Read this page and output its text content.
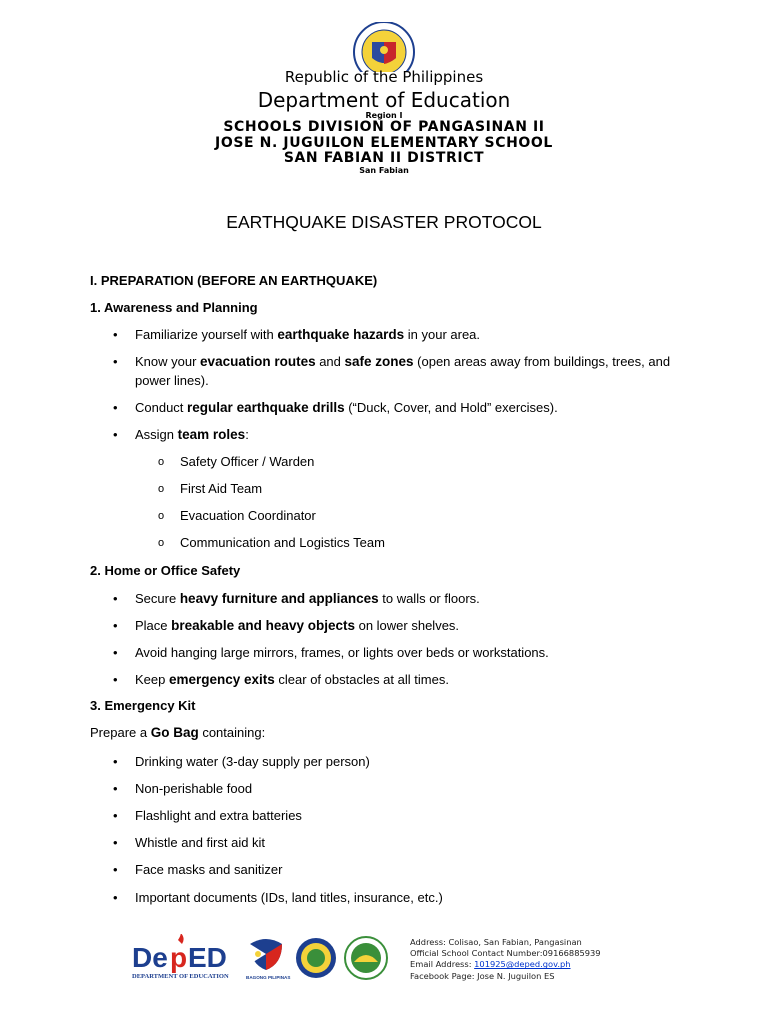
Republic of the Philippines

Department of Education

Region I

SCHOOLS DIVISION OF PANGASINAN II

JOSE N. JUGUILON ELEMENTARY SCHOOL

SAN FABIAN II DISTRICT

San Fabian

EARTHQUAKE DISASTER PROTOCOL
I. PREPARATION (BEFORE AN EARTHQUAKE)
1. Awareness and Planning
• Familiarize yourself with earthquake hazards in your area.
• Know your evacuation routes and safe zones (open areas away from buildings, trees, and power lines).
• Conduct regular earthquake drills (“Duck, Cover, and Hold” exercises).
• Assign team roles:
o Safety Officer / Warden
o First Aid Team
o Evacuation Coordinator
o Communication and Logistics Team
2. Home or Office Safety
• Secure heavy furniture and appliances to walls or floors.
• Place breakable and heavy objects on lower shelves.
• Avoid hanging large mirrors, frames, or lights over beds or workstations.
• Keep emergency exits clear of obstacles at all times.
3. Emergency Kit
Prepare a Go Bag containing:
• Drinking water (3-day supply per person)
• Non-perishable food
• Flashlight and extra batteries
• Whistle and first aid kit
• Face masks and sanitizer
• Important documents (IDs, land titles, insurance, etc.)
De p ED
DEPARTMENT OF EDUCATION	BAGONG PILIPINAS
Address: Colisao, San Fabian, Pangasinan
Official School Contact Number:09166885939
Email Address: 101925@deped.gov.ph
Facebook Page: Jose N. Juguilon ES
